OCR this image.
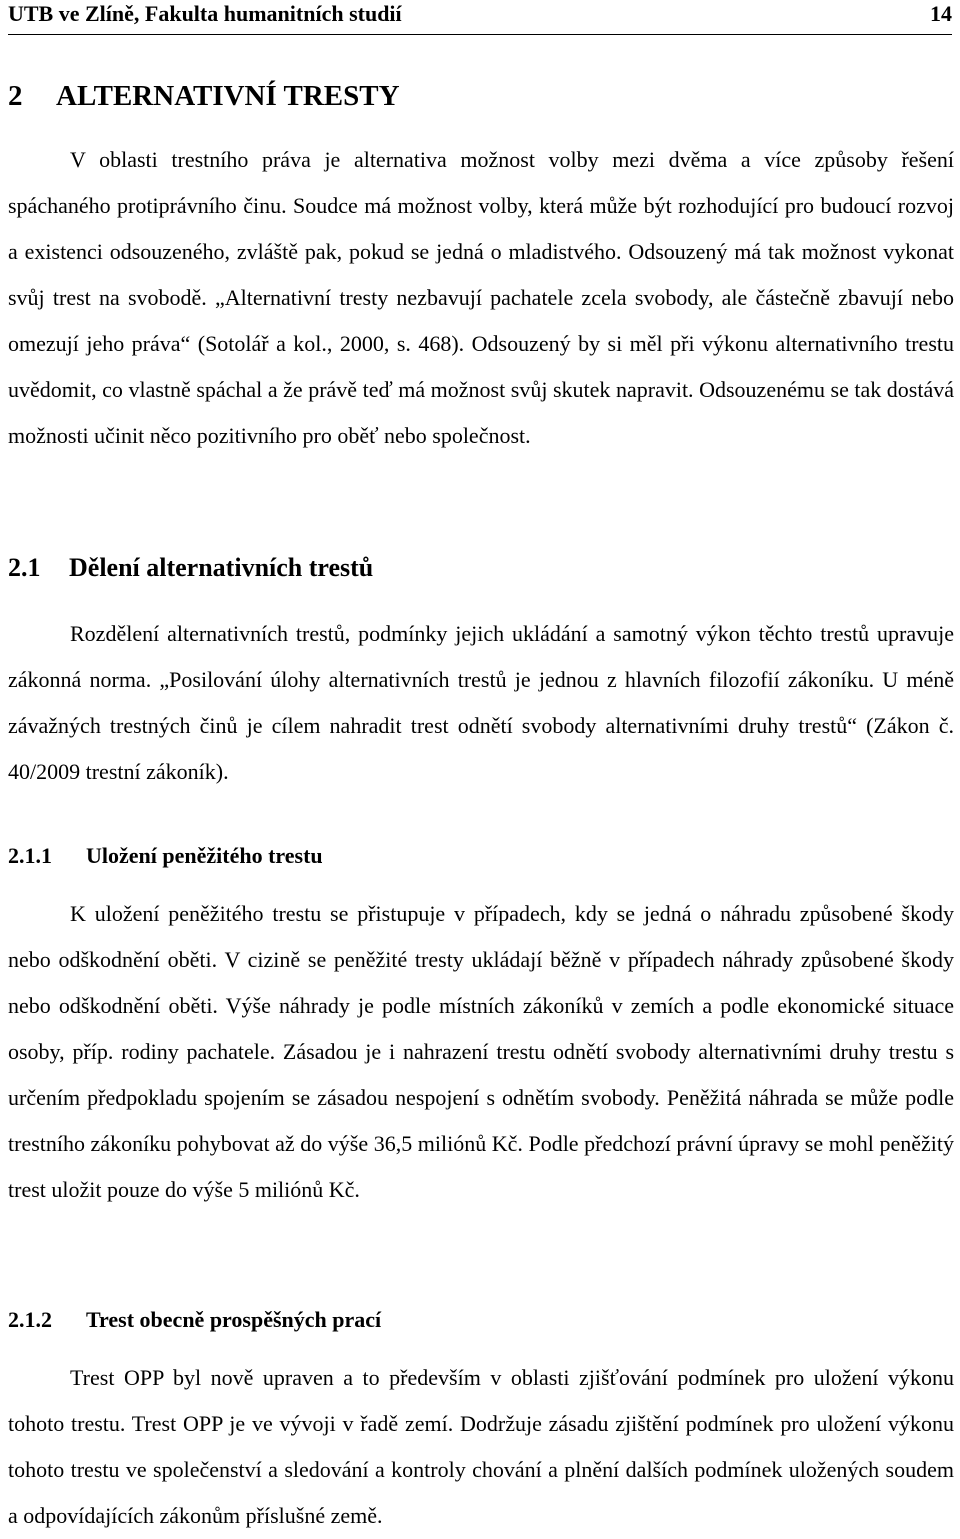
UTB ve Zlíně, Fakulta humanitních studií	14
2 ALTERNATIVNÍ TRESTY

V oblasti trestního práva je alternativa možnost volby mezi dvěma a více způsoby řešení spáchaného protiprávního činu. Soudce má možnost volby, která může být rozhodující pro budoucí rozvoj a existenci odsouzeného, zvláště pak, pokud se jedná o mladistvého. Odsouzený má tak možnost vykonat svůj trest na svobodě. „Alternativní tresty nezbavují pachatele zcela svobody, ale částečně zbavují nebo omezují jeho práva“ (Sotolář a kol., 2000, s. 468). Odsouzený by si měl při výkonu alternativního trestu uvědomit, co vlastně spáchal a že právě teď má možnost svůj skutek napravit. Odsouzenému se tak dostává možnosti učinit něco pozitivního pro oběť nebo společnost.

2.1 Dělení alternativních trestů

Rozdělení alternativních trestů, podmínky jejich ukládání a samotný výkon těchto trestů upravuje zákonná norma. „Posilování úlohy alternativních trestů je jednou z hlavních filozofií zákoníku. U méně závažných trestných činů je cílem nahradit trest odnětí svobody alternativními druhy trestů“ (Zákon č. 40/2009 trestní zákoník).

2.1.1 Uložení peněžitého trestu

K uložení peněžitého trestu se přistupuje v případech, kdy se jedná o náhradu způsobené škody nebo odškodnění oběti. V cizině se peněžité tresty ukládají běžně v případech náhrady způsobené škody nebo odškodnění oběti. Výše náhrady je podle místních zákoníků v zemích a podle ekonomické situace osoby, příp. rodiny pachatele. Zásadou je i nahrazení trestu odnětí svobody alternativními druhy trestu s určením předpokladu spojením se zásadou nespojení s odnětím svobody. Peněžitá náhrada se může podle trestního zákoníku pohybovat až do výše 36,5 miliónů Kč. Podle předchozí právní úpravy se mohl peněžitý trest uložit pouze do výše 5 miliónů Kč.

2.1.2 Trest obecně prospěšných prací

Trest OPP byl nově upraven a to především v oblasti zjišťování podmínek pro uložení výkonu tohoto trestu. Trest OPP je ve vývoji v řadě zemí. Dodržuje zásadu zjištění podmínek pro uložení výkonu tohoto trestu ve společenství a sledování a kontroly chování a plnění dalších podmínek uložených soudem a odpovídajících zákonům příslušné země.
